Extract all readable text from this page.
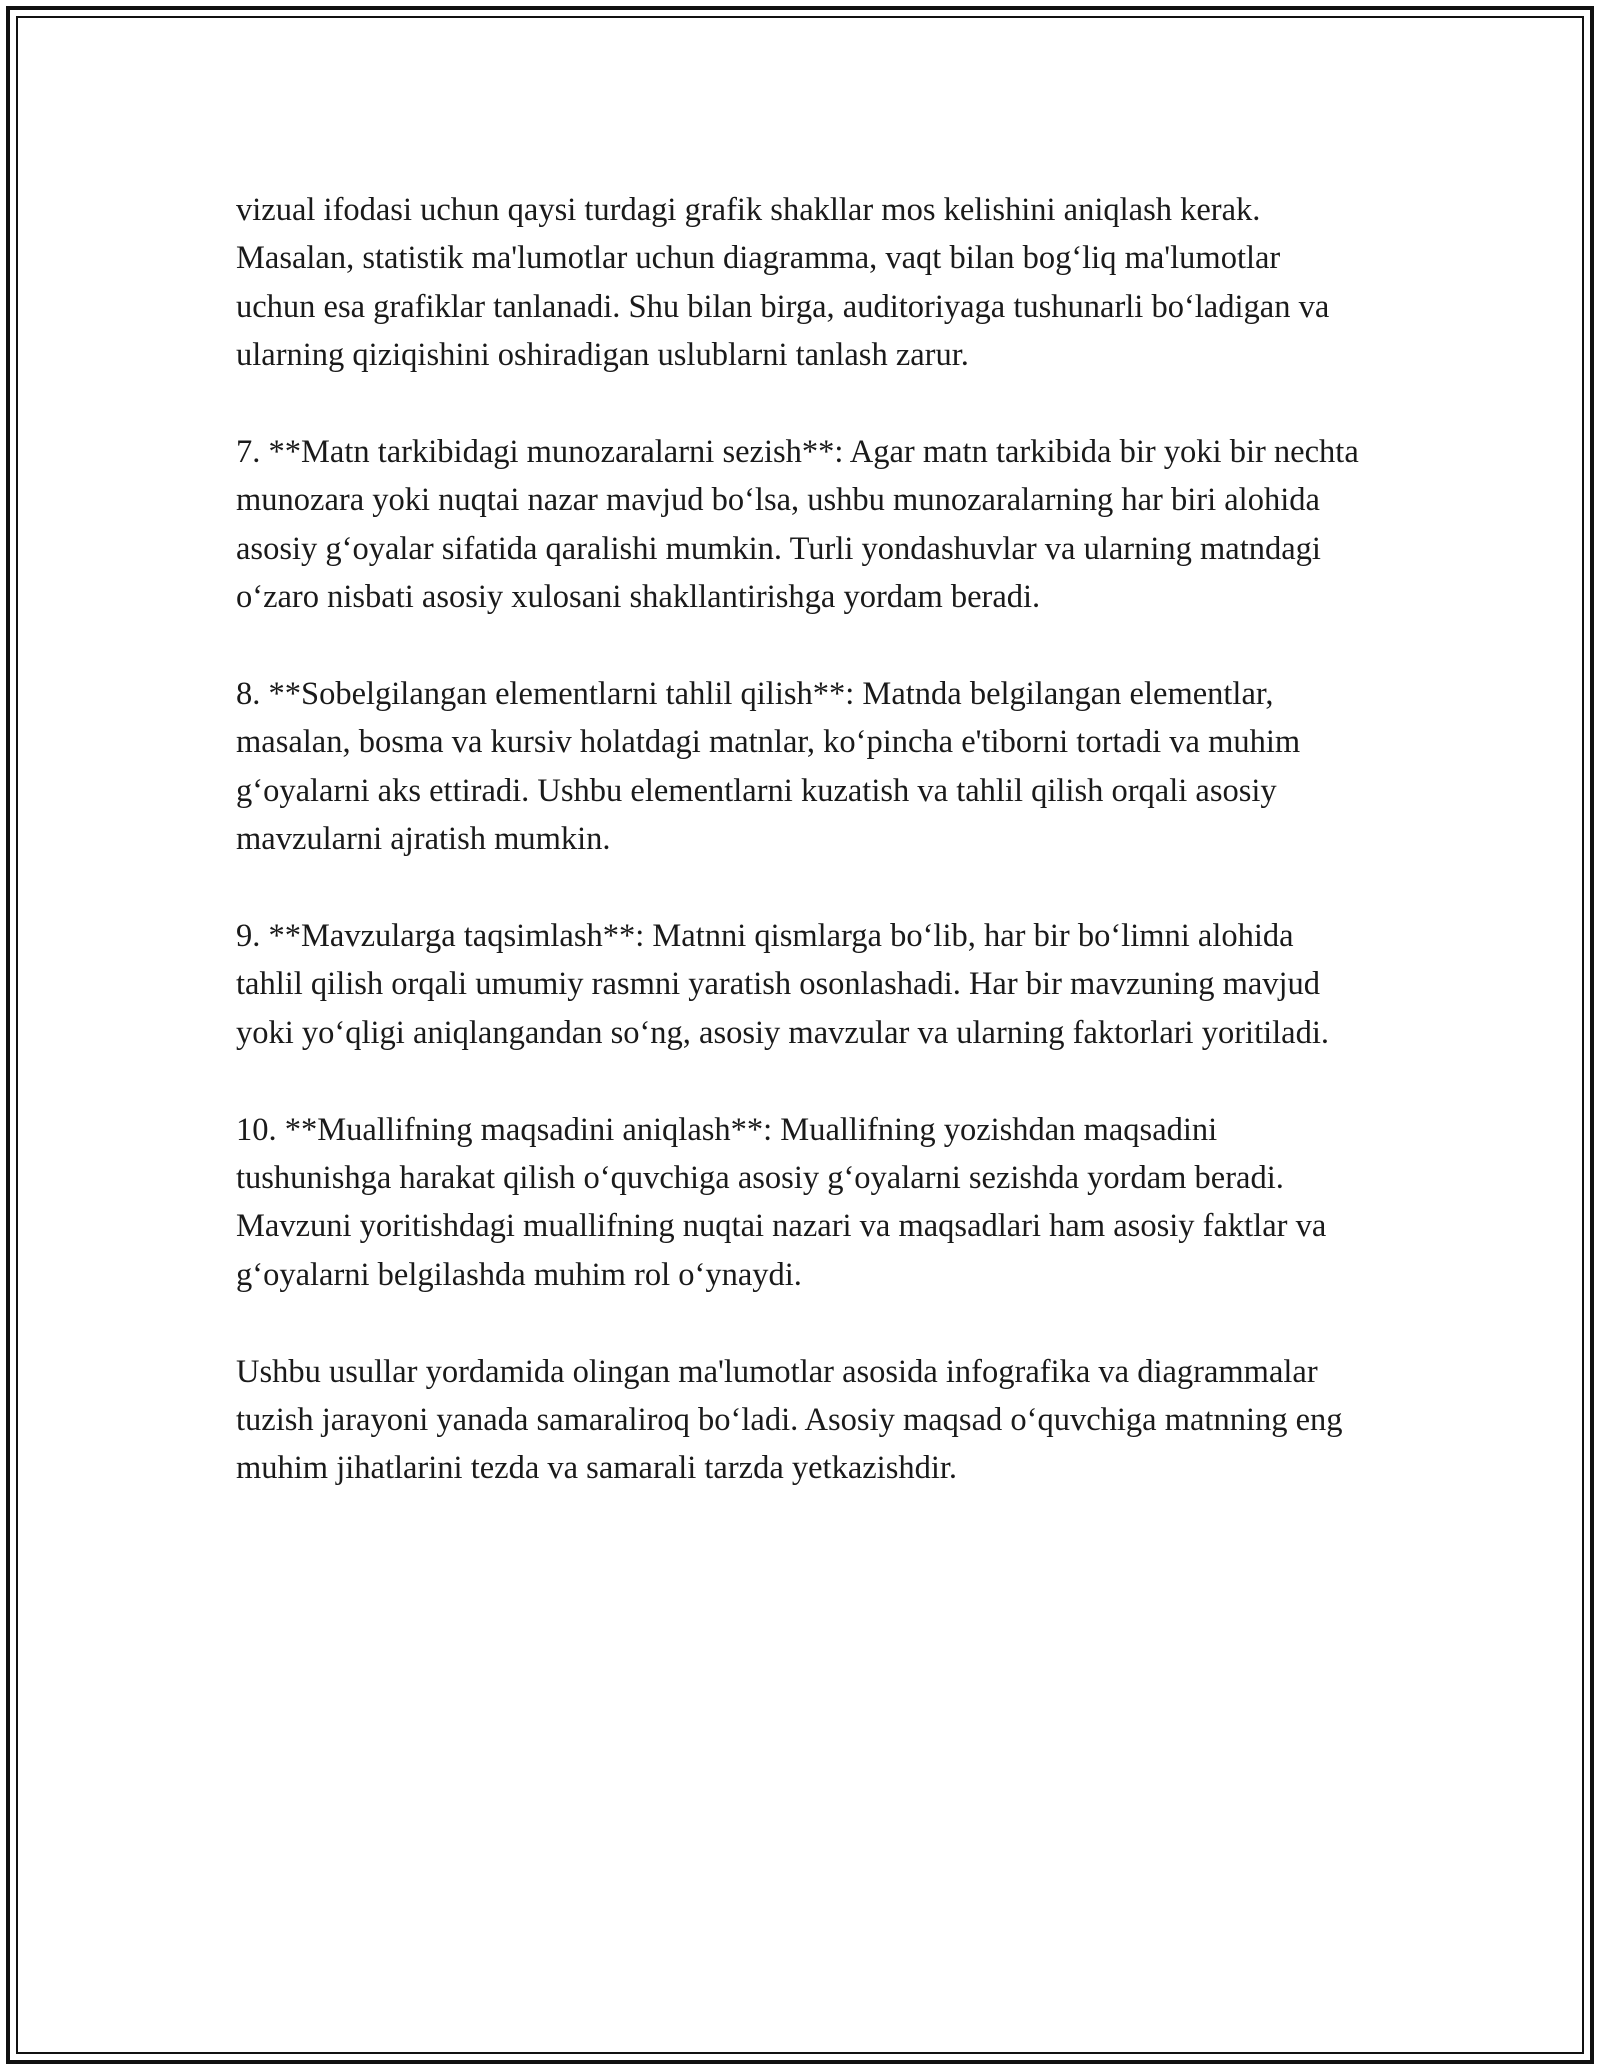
vizual ifodasi uchun qaysi turdagi grafik shakllar mos kelishini aniqlash kerak. Masalan, statistik ma'lumotlar uchun diagramma, vaqt bilan bog‘liq ma'lumotlar uchun esa grafiklar tanlanadi. Shu bilan birga, auditoriyaga tushunarli bo‘ladigan va ularning qiziqishini oshiradigan uslublarni tanlash zarur.

7. **Matn tarkibidagi munozaralarni sezish**: Agar matn tarkibida bir yoki bir nechta munozara yoki nuqtai nazar mavjud bo‘lsa, ushbu munozaralarning har biri alohida asosiy g‘oyalar sifatida qaralishi mumkin. Turli yondashuvlar va ularning matndagi o‘zaro nisbati asosiy xulosani shakllantirishga yordam beradi.

8. **Sobelgilangan elementlarni tahlil qilish**: Matnda belgilangan elementlar, masalan, bosma va kursiv holatdagi matnlar, ko‘pincha e'tiborni tortadi va muhim g‘oyalarni aks ettiradi. Ushbu elementlarni kuzatish va tahlil qilish orqali asosiy mavzularni ajratish mumkin.

9. **Mavzularga taqsimlash**: Matnni qismlarga bo‘lib, har bir bo‘limni alohida tahlil qilish orqali umumiy rasmni yaratish osonlashadi. Har bir mavzuning mavjud yoki yo‘qligi aniqlangandan so‘ng, asosiy mavzular va ularning faktorlari yoritiladi.

10. **Muallifning maqsadini aniqlash**: Muallifning yozishdan maqsadini tushunishga harakat qilish o‘quvchiga asosiy g‘oyalarni sezishda yordam beradi. Mavzuni yoritishdagi muallifning nuqtai nazari va maqsadlari ham asosiy faktlar va g‘oyalarni belgilashda muhim rol o‘ynaydi.

Ushbu usullar yordamida olingan ma'lumotlar asosida infografika va diagrammalar tuzish jarayoni yanada samaraliroq bo‘ladi. Asosiy maqsad o‘quvchiga matnning eng muhim jihatlarini tezda va samarali tarzda yetkazishdir.
